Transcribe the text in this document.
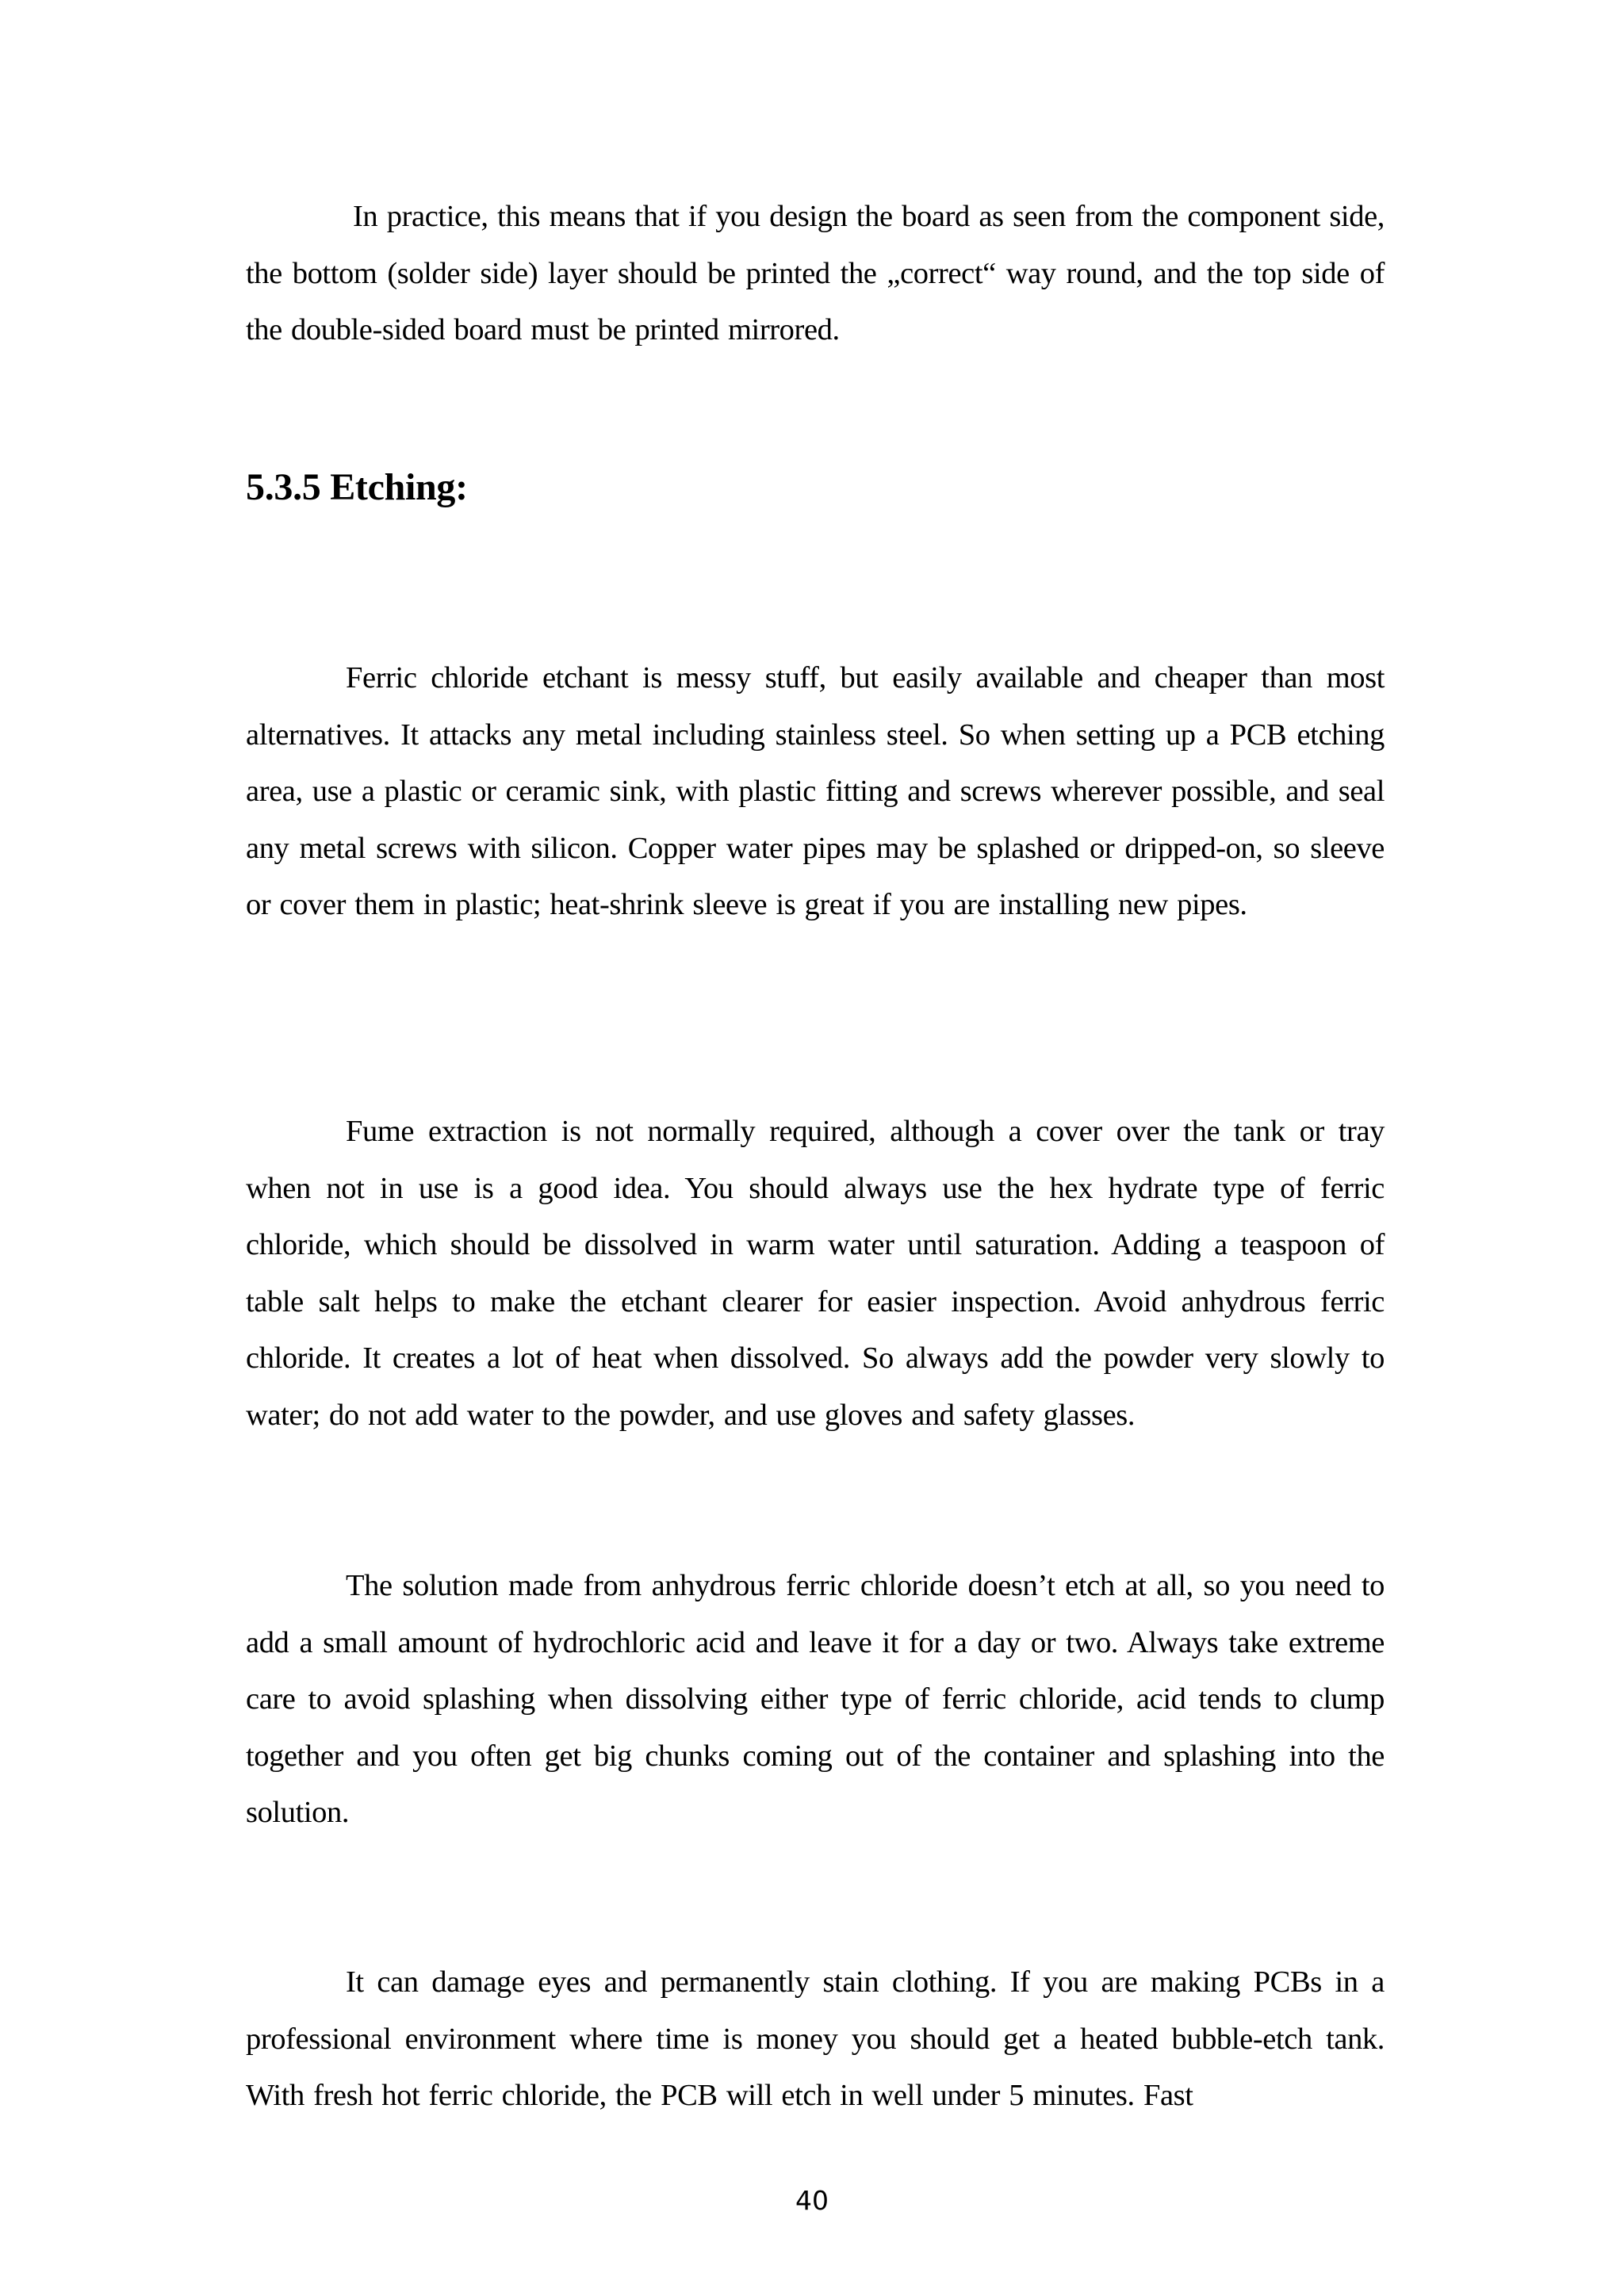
In practice, this means that if you design the board as seen from the component side, the bottom (solder side) layer should be printed the „correct“ way round, and the top side of the double-sided board must be printed mirrored.

5.3.5 Etching:

Ferric chloride etchant is messy stuff, but easily available and cheaper than most alternatives. It attacks any metal including stainless steel. So when setting up a PCB etching area, use a plastic or ceramic sink, with plastic fitting and screws wherever possible, and seal any metal screws with silicon. Copper water pipes may be splashed or dripped-on, so sleeve or cover them in plastic; heat-shrink sleeve is great if you are installing new pipes.

Fume extraction is not normally required, although a cover over the tank or tray when not in use is a good idea. You should always use the hex hydrate type of ferric chloride, which should be dissolved in warm water until saturation. Adding a teaspoon of table salt helps to make the etchant clearer for easier inspection. Avoid anhydrous ferric chloride. It creates a lot of heat when dissolved. So always add the powder very slowly to water; do not add water to the powder, and use gloves and safety glasses.

The solution made from anhydrous ferric chloride doesn’t etch at all, so you need to add a small amount of hydrochloric acid and leave it for a day or two. Always take extreme care to avoid splashing when dissolving either type of ferric chloride, acid tends to clump together and you often get big chunks coming out of the container and splashing into the solution.

It can damage eyes and permanently stain clothing. If you are making PCBs in a professional environment where time is money you should get a heated bubble-etch tank. With fresh hot ferric chloride, the PCB will etch in well under 5 minutes. Fast

40
